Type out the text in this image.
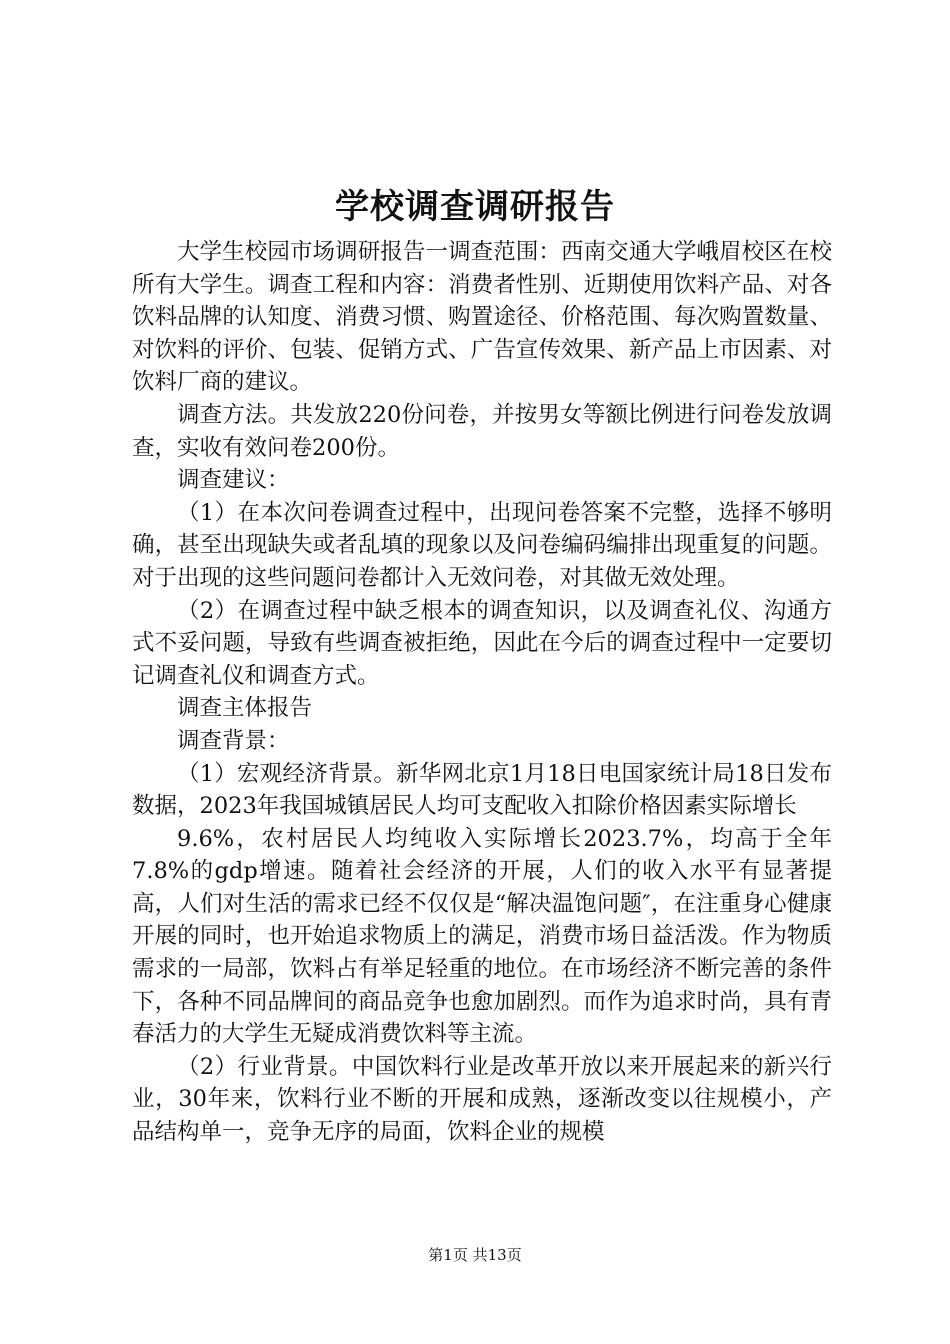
学校调查调研报告

大学生校园市场调研报告一调查范围：西南交通大学峨眉校区在校所有大学生。调查工程和内容：消费者性别、近期使用饮料产品、对各饮料品牌的认知度、消费习惯、购置途径、价格范围、每次购置数量、对饮料的评价、包装、促销方式、广告宣传效果、新产品上市因素、对饮料厂商的建议。

调查方法。共发放220份问卷，并按男女等额比例进行问卷发放调查，实收有效问卷200份。

调查建议：

（1）在本次问卷调查过程中，出现问卷答案不完整，选择不够明确，甚至出现缺失或者乱填的现象以及问卷编码编排出现重复的问题。对于出现的这些问题问卷都计入无效问卷，对其做无效处理。

（2）在调查过程中缺乏根本的调查知识，以及调查礼仪、沟通方式不妥问题，导致有些调查被拒绝，因此在今后的调查过程中一定要切记调查礼仪和调查方式。

调查主体报告

调查背景：

（1）宏观经济背景。新华网北京1月18日电国家统计局18日发布数据，2023年我国城镇居民人均可支配收入扣除价格因素实际增长

9.6%，农村居民人均纯收入实际增长2023.7%，均高于全年7.8%的gdp增速。随着社会经济的开展，人们的收入水平有显著提高，人们对生活的需求已经不仅仅是“解决温饱问题″，在注重身心健康开展的同时，也开始追求物质上的满足，消费市场日益活泼。作为物质需求的一局部，饮料占有举足轻重的地位。在市场经济不断完善的条件下，各种不同品牌间的商品竞争也愈加剧烈。而作为追求时尚，具有青春活力的大学生无疑成消费饮料等主流。

（2）行业背景。中国饮料行业是改革开放以来开展起来的新兴行业，30年来，饮料行业不断的开展和成熟，逐渐改变以往规模小，产品结构单一，竞争无序的局面，饮料企业的规模

第1页 共13页
